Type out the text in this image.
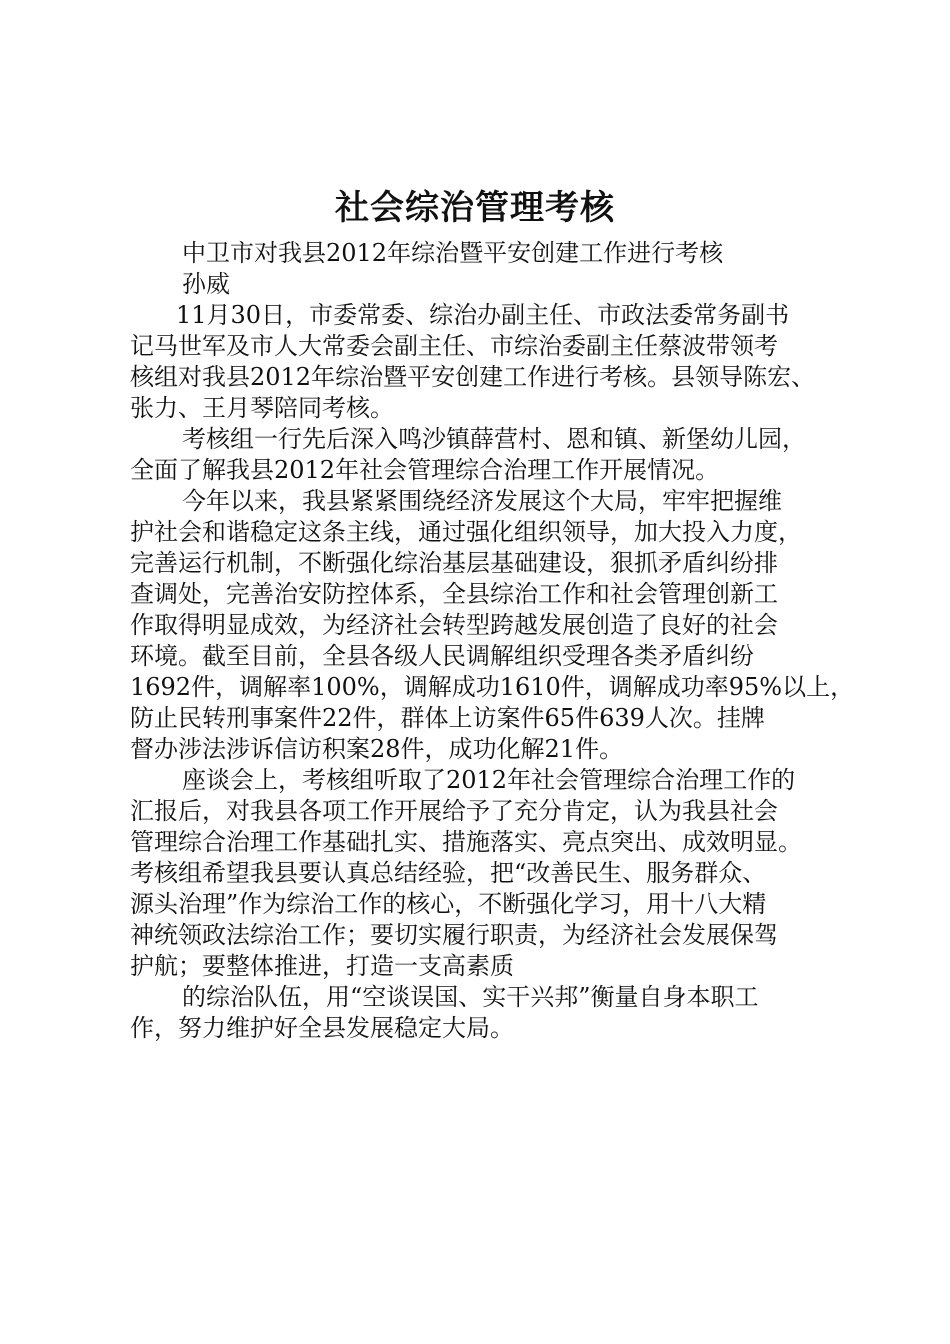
社会综治管理考核

中卫市对我县2012年综治暨平安创建工作进行考核

孙威

11月30日，市委常委、综治办副主任、市政法委常务副书

记马世军及市人大常委会副主任、市综治委副主任蔡波带领考

核组对我县2012年综治暨平安创建工作进行考核。县领导陈宏、

张力、王月琴陪同考核。

考核组一行先后深入鸣沙镇薛营村、恩和镇、新堡幼儿园，

全面了解我县2012年社会管理综合治理工作开展情况。

今年以来，我县紧紧围绕经济发展这个大局，牢牢把握维

护社会和谐稳定这条主线，通过强化组织领导，加大投入力度，

完善运行机制，不断强化综治基层基础建设，狠抓矛盾纠纷排

查调处，完善治安防控体系，全县综治工作和社会管理创新工

作取得明显成效，为经济社会转型跨越发展创造了良好的社会

环境。截至目前，全县各级人民调解组织受理各类矛盾纠纷

1692件，调解率100%，调解成功1610件，调解成功率95%以上，

防止民转刑事案件22件，群体上访案件65件639人次。挂牌

督办涉法涉诉信访积案28件，成功化解21件。

座谈会上，考核组听取了2012年社会管理综合治理工作的

汇报后，对我县各项工作开展给予了充分肯定，认为我县社会

管理综合治理工作基础扎实、措施落实、亮点突出、成效明显。

考核组希望我县要认真总结经验，把“改善民生、服务群众、

源头治理”作为综治工作的核心，不断强化学习，用十八大精

神统领政法综治工作；要切实履行职责，为经济社会发展保驾

护航；要整体推进，打造一支高素质

的综治队伍，用“空谈误国、实干兴邦”衡量自身本职工

作，努力维护好全县发展稳定大局。
